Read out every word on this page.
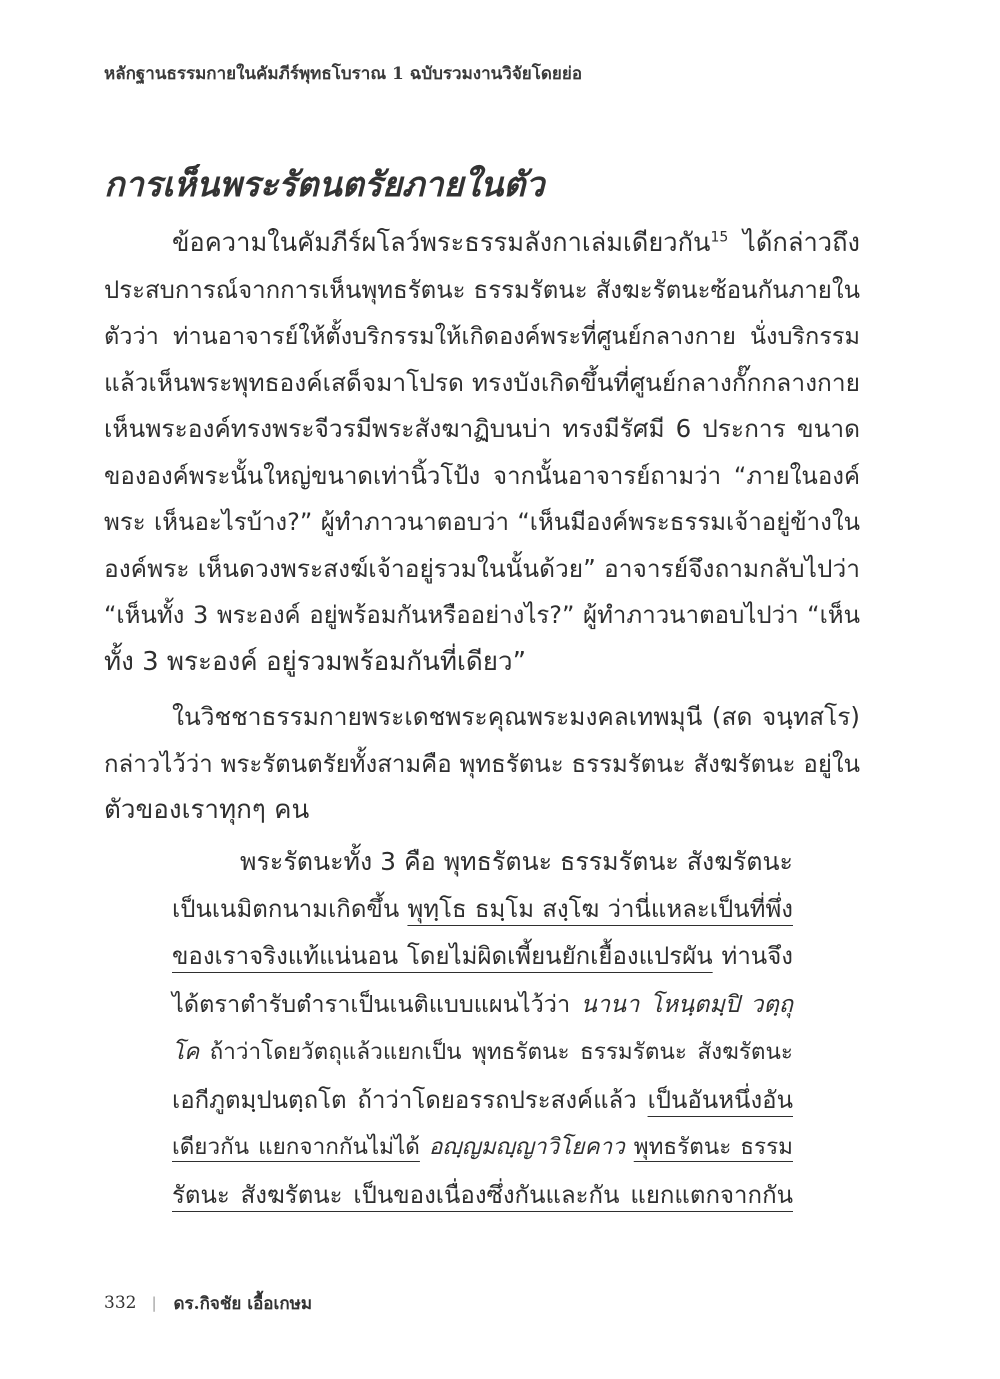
หลักฐานธรรมกายในคัมภีร์พุทธโบราณ 1 ฉบับรวมงานวิจัยโดยย่อ
การเห็นพระรัตนตรัยภายในตัว
ข้อความในคัมภีร์ผโลว์พระธรรมลังกาเล่มเดียวกัน$^{15}$ ได้กล่าวถึง
ประสบการณ์จากการเห็นพุทธรัตนะ ธรรมรัตนะ สังฆะรัตนะซ้อนกันภายใน
ตัวว่า ท่านอาจารย์ให้ตั้งบริกรรมให้เกิดองค์พระที่ศูนย์กลางกาย นั่งบริกรรม
แล้วเห็นพระพุทธองค์เสด็จมาโปรด ทรงบังเกิดขึ้นที่ศูนย์กลางกั๊กกลางกาย
เห็นพระองค์ทรงพระจีวรมีพระสังฆาฏิบนบ่า ทรงมีรัศมี 6 ประการ ขนาด
ขององค์พระนั้นใหญ่ขนาดเท่านิ้วโป้ง จากนั้นอาจารย์ถามว่า “ภายในองค์
พระ เห็นอะไรบ้าง?” ผู้ทำภาวนาตอบว่า “เห็นมีองค์พระธรรมเจ้าอยู่ข้างใน
องค์พระ เห็นดวงพระสงฆ์เจ้าอยู่รวมในนั้นด้วย” อาจารย์จึงถามกลับไปว่า
“เห็นทั้ง 3 พระองค์ อยู่พร้อมกันหรืออย่างไร?” ผู้ทำภาวนาตอบไปว่า “เห็น
ทั้ง 3 พระองค์ อยู่รวมพร้อมกันที่เดียว”
ในวิชชาธรรมกายพระเดชพระคุณพระมงคลเทพมุนี (สด จนฺทสโร)
กล่าวไว้ว่า พระรัตนตรัยทั้งสามคือ พุทธรัตนะ ธรรมรัตนะ สังฆรัตนะ อยู่ใน
ตัวของเราทุกๆ คน
พระรัตนะทั้ง 3 คือ พุทธรัตนะ ธรรมรัตนะ สังฆรัตนะ
เป็นเนมิตกนามเกิดขึ้น พุทฺโธ ธมฺโม สงฺโฆ ว่านี่แหละเป็นที่พึ่ง
ของเราจริงแท้แน่นอน โดยไม่ผิดเพี้ยนยักเยื้องแปรผัน ท่านจึง
ได้ตราตำรับตำราเป็นเนติแบบแผนไว้ว่า นานา โหนฺตมฺปิ วตฺถุ
โค ถ้าว่าโดยวัตถุแล้วแยกเป็น พุทธรัตนะ ธรรมรัตนะ สังฆรัตนะ
เอกีภูตมฺปนตฺถโต ถ้าว่าโดยอรรถประสงค์แล้ว เป็นอันหนึ่งอัน
เดียวกัน แยกจากกันไม่ได้ อญฺญมญฺญาวิโยคาว พุทธรัตนะ ธรรม
รัตนะ สังฆรัตนะ เป็นของเนื่องซึ่งกันและกัน แยกแตกจากกัน
332 | ดร.กิจชัย เอื้อเกษม
